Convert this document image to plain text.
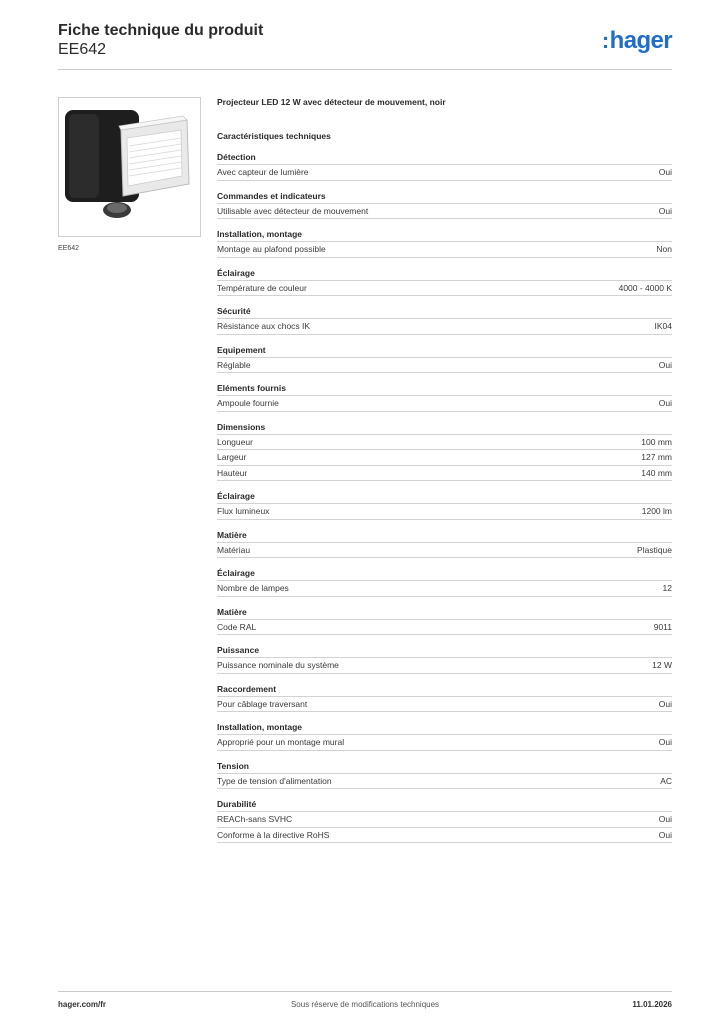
Fiche technique du produit
EE642	:hager
EE642
Projecteur LED 12 W avec détecteur de mouvement, noir
Caractéristiques techniques
Détection
Avec capteur de lumière	Oui
Commandes et indicateurs
Utilisable avec détecteur de mouvement	Oui
Installation, montage
Montage au plafond possible	Non
Éclairage
Température de couleur	4000 - 4000 K
Sécurité
Résistance aux chocs IK	IK04
Equipement
Réglable	Oui
Eléments fournis
Ampoule fournie	Oui
Dimensions
Longueur	100 mm
Largeur	127 mm
Hauteur	140 mm
Éclairage
Flux lumineux	1200 lm
Matière
Matériau	Plastique
Éclairage
Nombre de lampes	12
Matière
Code RAL	9011
Puissance
Puissance nominale du système	12 W
Raccordement
Pour câblage traversant	Oui
Installation, montage
Approprié pour un montage mural	Oui
Tension
Type de tension d'alimentation	AC
Durabilité
REACh-sans SVHC	Oui
Conforme à la directive RoHS	Oui
hager.com/fr	Sous réserve de modifications techniques	11.01.2026
